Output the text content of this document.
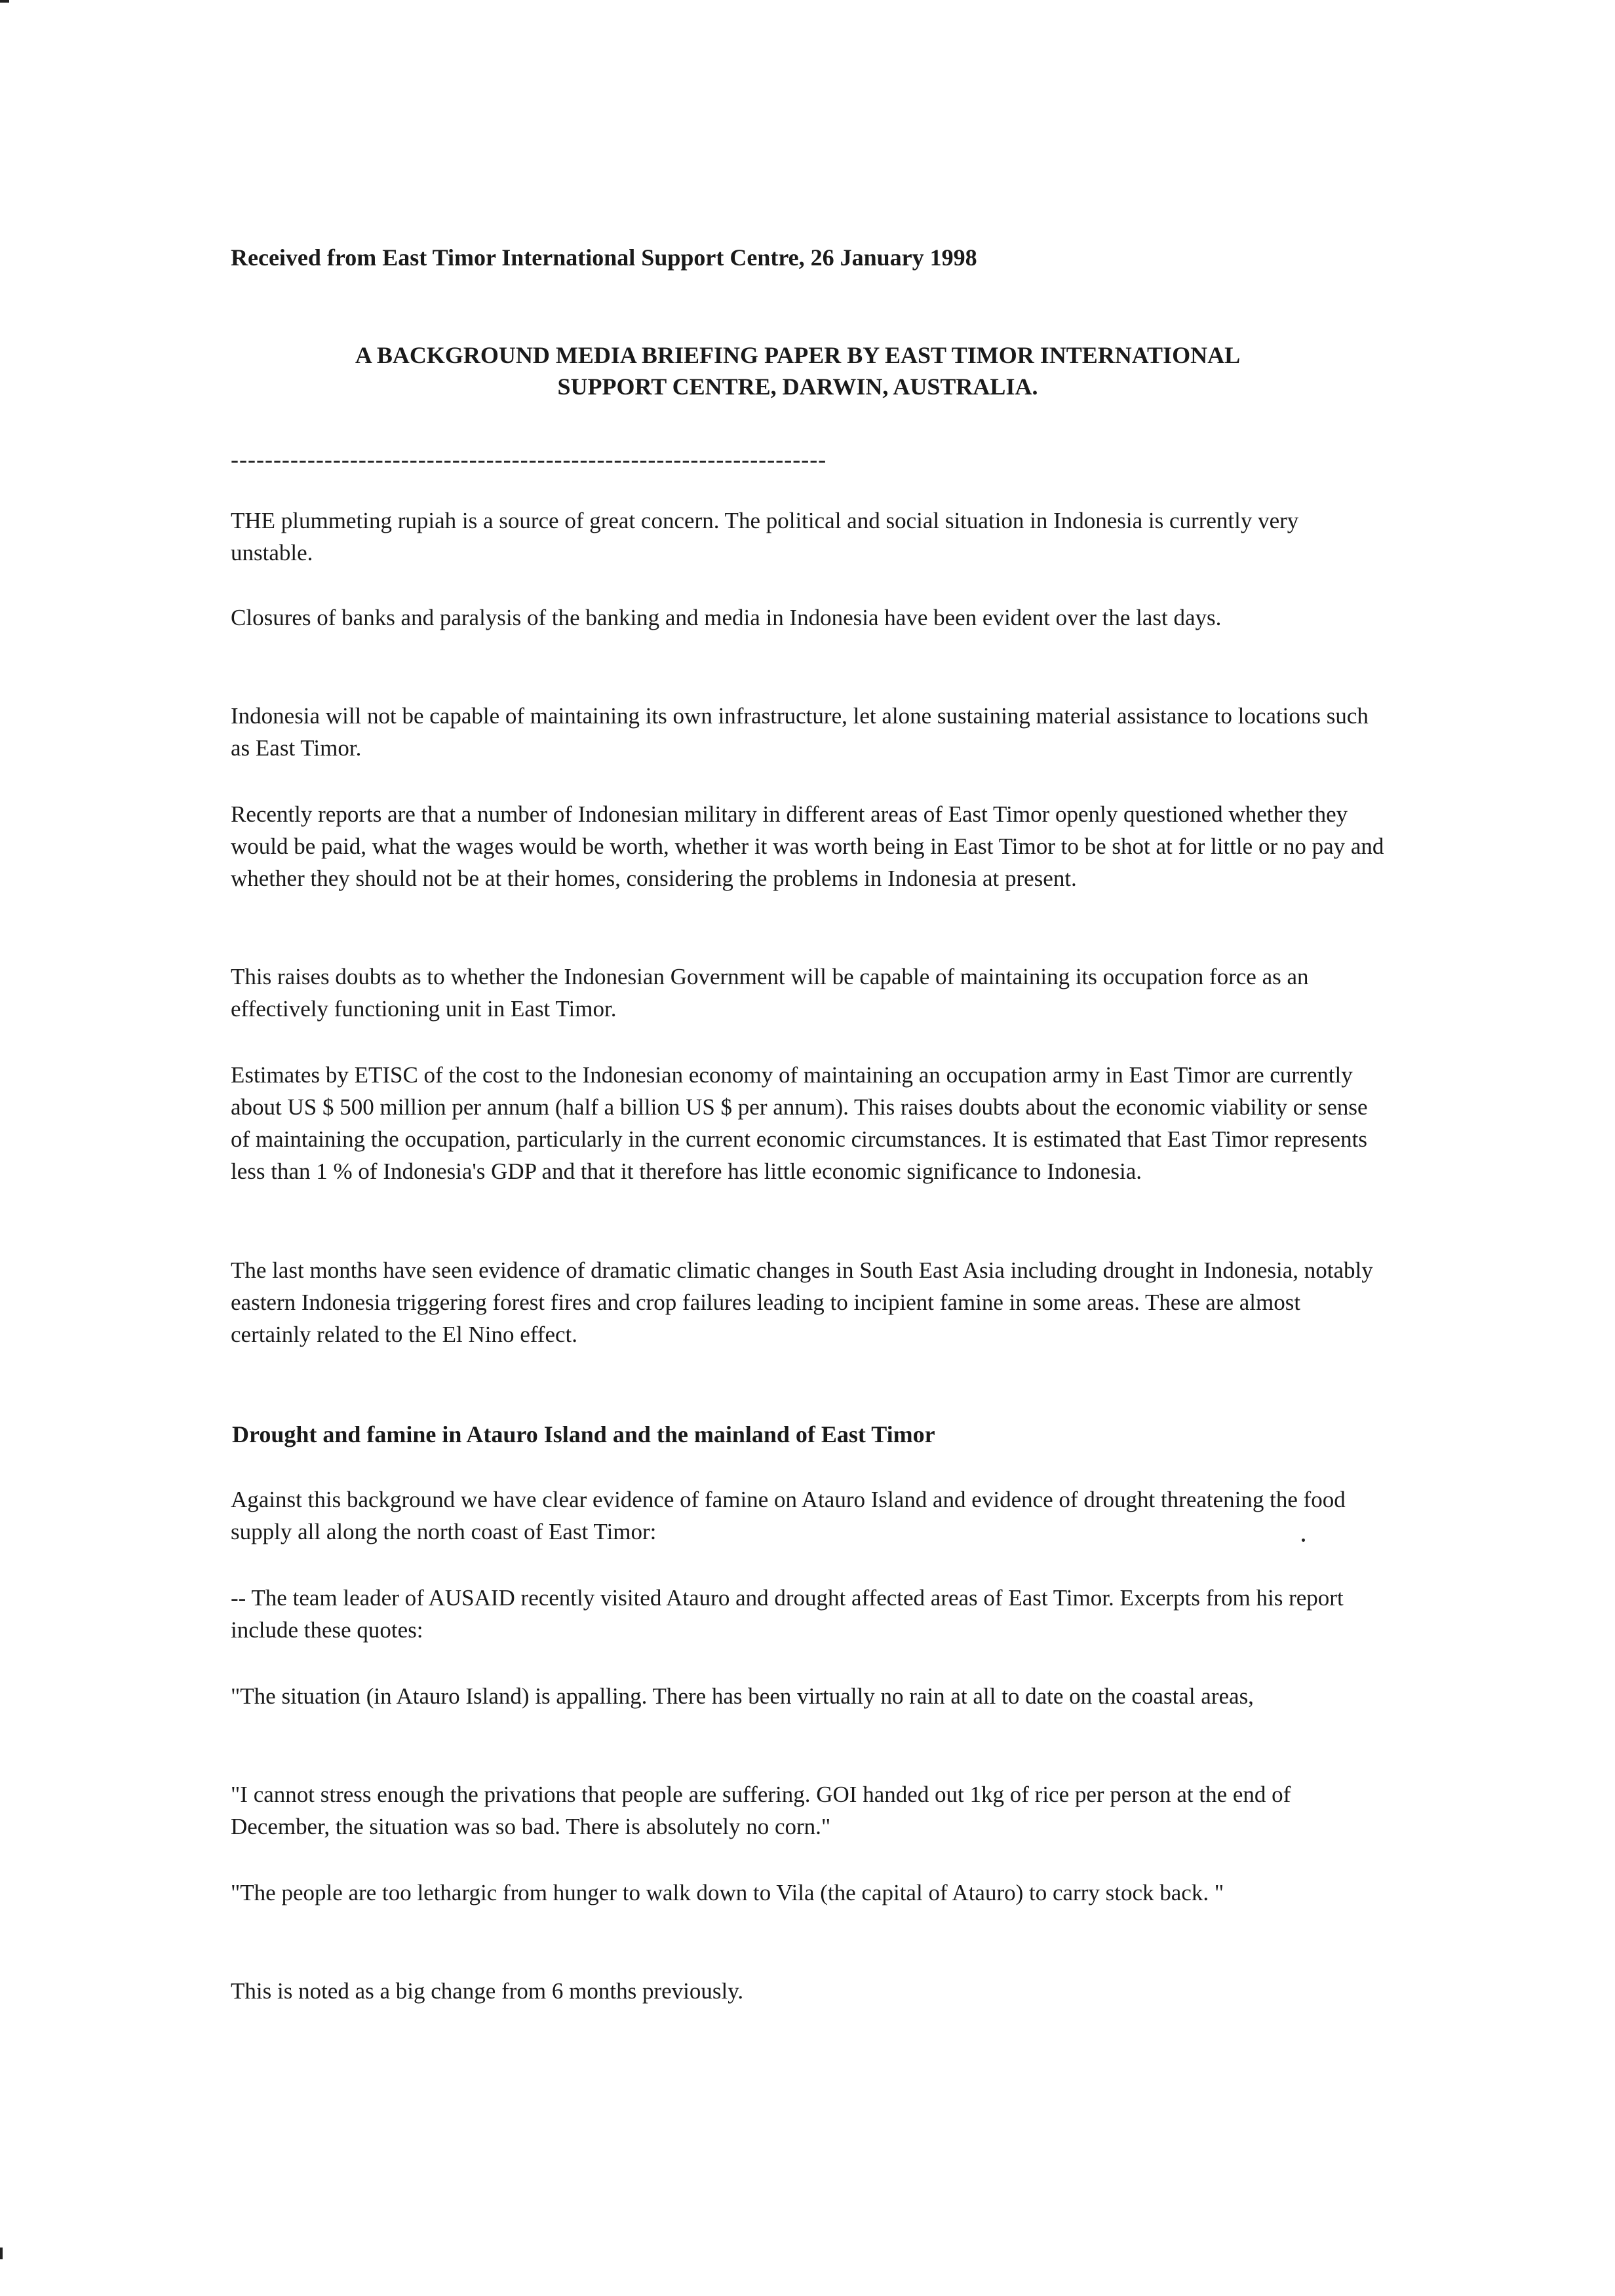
Received from East Timor International Support Centre, 26 January 1998
A BACKGROUND MEDIA BRIEFING PAPER BY EAST TIMOR INTERNATIONAL
SUPPORT CENTRE, DARWIN, AUSTRALIA.
----------------------------------------------------------------------

THE plummeting rupiah is a source of great concern. The political and social situation in Indonesia is currently very unstable.

Closures of banks and paralysis of the banking and media in Indonesia have been evident over the last days.

Indonesia will not be capable of maintaining its own infrastructure, let alone sustaining material assistance to locations such as East Timor.

Recently reports are that a number of Indonesian military in different areas of East Timor openly questioned whether they would be paid, what the wages would be worth, whether it was worth being in East Timor to be shot at for little or no pay and whether they should not be at their homes, considering the problems in Indonesia at present.

This raises doubts as to whether the Indonesian Government will be capable of maintaining its occupation force as an effectively functioning unit in East Timor.

Estimates by ETISC of the cost to the Indonesian economy of maintaining an occupation army in East Timor are currently about US $ 500 million per annum (half a billion US $ per annum). This raises doubts about the economic viability or sense of maintaining the occupation, particularly in the current economic circumstances. It is estimated that East Timor represents less than 1 % of Indonesia's GDP and that it therefore has little economic significance to Indonesia.

The last months have seen evidence of dramatic climatic changes in South East Asia including drought in Indonesia, notably eastern Indonesia triggering forest fires and crop failures leading to incipient famine in some areas. These are almost certainly related to the El Nino effect.

Drought and famine in Atauro Island and the mainland of East Timor

Against this background we have clear evidence of famine on Atauro Island and evidence of drought threatening the food supply all along the north coast of East Timor:

-- The team leader of AUSAID recently visited Atauro and drought affected areas of East Timor. Excerpts from his report include these quotes:

"The situation (in Atauro Island) is appalling. There has been virtually no rain at all to date on the coastal areas,

"I cannot stress enough the privations that people are suffering. GOI handed out 1kg of rice per person at the end of December, the situation was so bad. There is absolutely no corn."

"The people are too lethargic from hunger to walk down to Vila (the capital of Atauro) to carry stock back. "

This is noted as a big change from 6 months previously.
